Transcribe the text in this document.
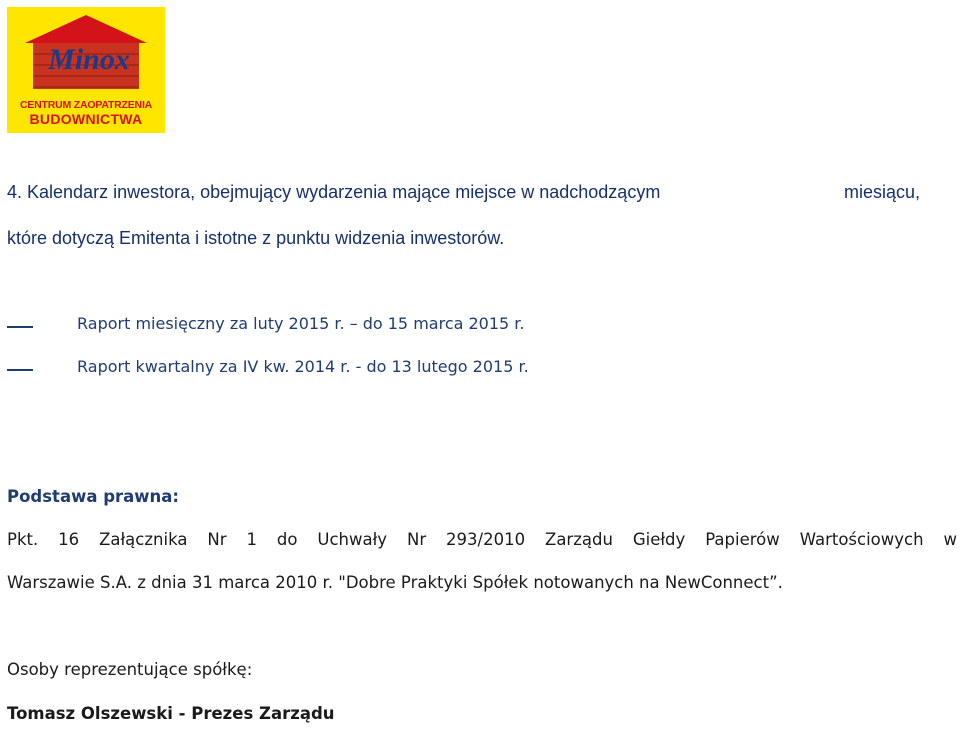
Minox
CENTRUM ZAOPATRZENIA
BUDOWNICTWA
4. Kalendarz inwestora, obejmujący wydarzenia mające miejsce w nadchodzącym	miesiącu,
które dotyczą Emitenta i istotne z punktu widzenia inwestorów.
Raport miesięczny za luty 2015 r. – do 15 marca 2015 r.
Raport kwartalny za IV kw. 2014 r. - do 13 lutego 2015 r.
Podstawa prawna:
Pkt. 16 Załącznika Nr 1 do Uchwały Nr 293/2010 Zarządu Giełdy Papierów Wartościowych w
Warszawie S.A. z dnia 31 marca 2010 r. "Dobre Praktyki Spółek notowanych na NewConnect”.
Osoby reprezentujące spółkę:
Tomasz Olszewski - Prezes Zarządu
